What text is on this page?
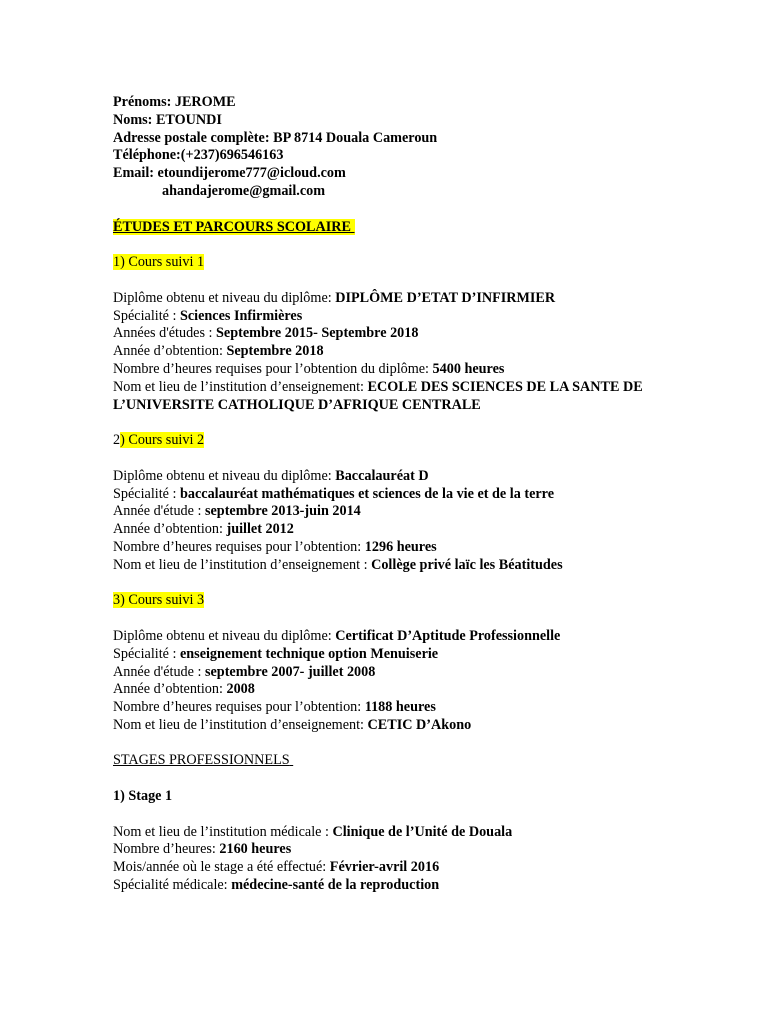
Prénoms: JEROME
Noms: ETOUNDI
Adresse postale complète: BP 8714 Douala Cameroun
Téléphone:(+237)696546163
Email: etoundijerome777@icloud.com
ahandajerome@gmail.com
ÉTUDES ET PARCOURS SCOLAIRE
1) Cours suivi 1
Diplôme obtenu et niveau du diplôme: DIPLÔME D’ETAT D’INFIRMIER
Spécialité : Sciences Infirmières
Années d'études : Septembre 2015- Septembre 2018
Année d’obtention: Septembre 2018
Nombre d’heures requises pour l’obtention du diplôme: 5400 heures
Nom et lieu de l’institution d’enseignement: ECOLE DES SCIENCES DE LA SANTE DE L’UNIVERSITE CATHOLIQUE D’AFRIQUE CENTRALE
2) Cours suivi 2
Diplôme obtenu et niveau du diplôme: Baccalauréat D
Spécialité : baccalauréat mathématiques et sciences de la vie et de la terre
Année d'étude : septembre 2013-juin 2014
Année d’obtention: juillet 2012
Nombre d’heures requises pour l’obtention: 1296 heures
Nom et lieu de l’institution d’enseignement : Collège privé laïc les Béatitudes
3) Cours suivi 3
Diplôme obtenu et niveau du diplôme: Certificat D’Aptitude Professionnelle
Spécialité : enseignement technique option Menuiserie
Année d'étude : septembre 2007- juillet 2008
Année d’obtention: 2008
Nombre d’heures requises pour l’obtention: 1188 heures
Nom et lieu de l’institution d’enseignement: CETIC D’Akono
STAGES PROFESSIONNELS
1) Stage 1
Nom et lieu de l’institution médicale : Clinique de l’Unité de Douala
Nombre d’heures: 2160 heures
Mois/année où le stage a été effectué: Février-avril 2016
Spécialité médicale: médecine-santé de la reproduction
